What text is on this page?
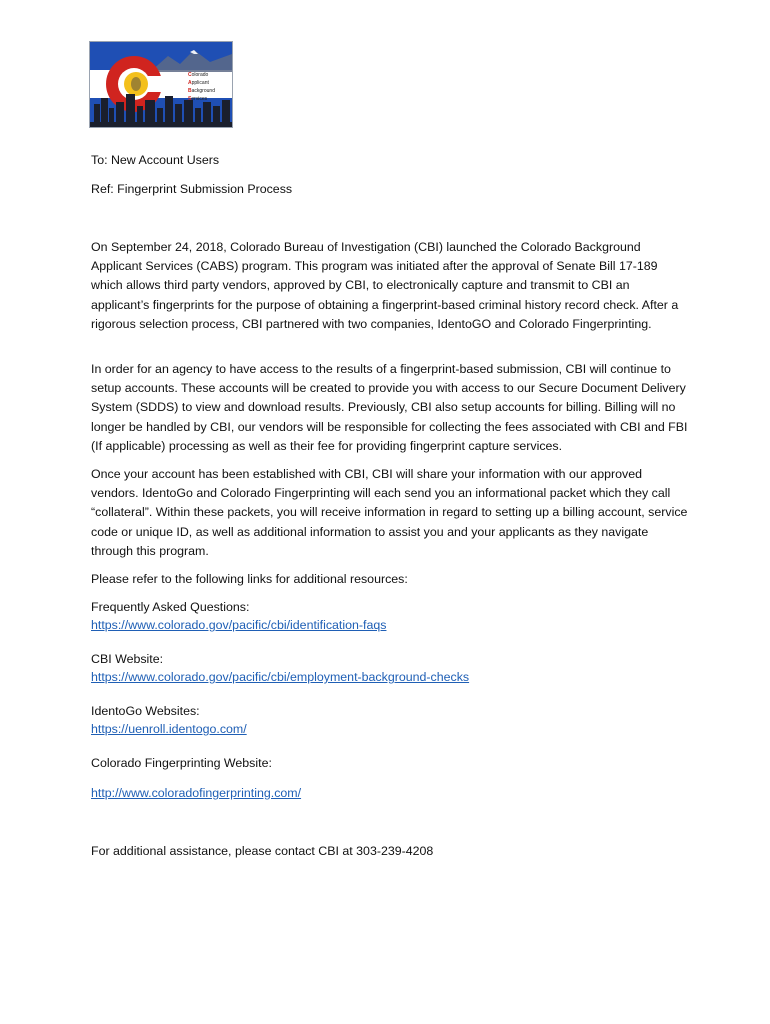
Colorado
Applicant
Background
Services
To: New Account Users
Ref: Fingerprint Submission Process

On September 24, 2018, Colorado Bureau of Investigation (CBI) launched the Colorado Background Applicant Services (CABS) program. This program was initiated after the approval of Senate Bill 17-189 which allows third party vendors, approved by CBI, to electronically capture and transmit to CBI an applicant’s fingerprints for the purpose of obtaining a fingerprint-based criminal history record check. After a rigorous selection process, CBI partnered with two companies, IdentoGO and Colorado Fingerprinting.

In order for an agency to have access to the results of a fingerprint-based submission, CBI will continue to setup accounts. These accounts will be created to provide you with access to our Secure Document Delivery System (SDDS) to view and download results. Previously, CBI also setup accounts for billing. Billing will no longer be handled by CBI, our vendors will be responsible for collecting the fees associated with CBI and FBI (If applicable) processing as well as their fee for providing fingerprint capture services.

Once your account has been established with CBI, CBI will share your information with our approved vendors. IdentoGo and Colorado Fingerprinting will each send you an informational packet which they call “collateral”. Within these packets, you will receive information in regard to setting up a billing account, service code or unique ID, as well as additional information to assist you and your applicants as they navigate through this program.

Please refer to the following links for additional resources:
Frequently Asked Questions:
https://www.colorado.gov/pacific/cbi/identification-faqs
CBI Website:
https://www.colorado.gov/pacific/cbi/employment-background-checks
IdentoGo Websites:
https://uenroll.identogo.com/
Colorado Fingerprinting Website:
http://www.coloradofingerprinting.com/
For additional assistance, please contact CBI at 303-239-4208
